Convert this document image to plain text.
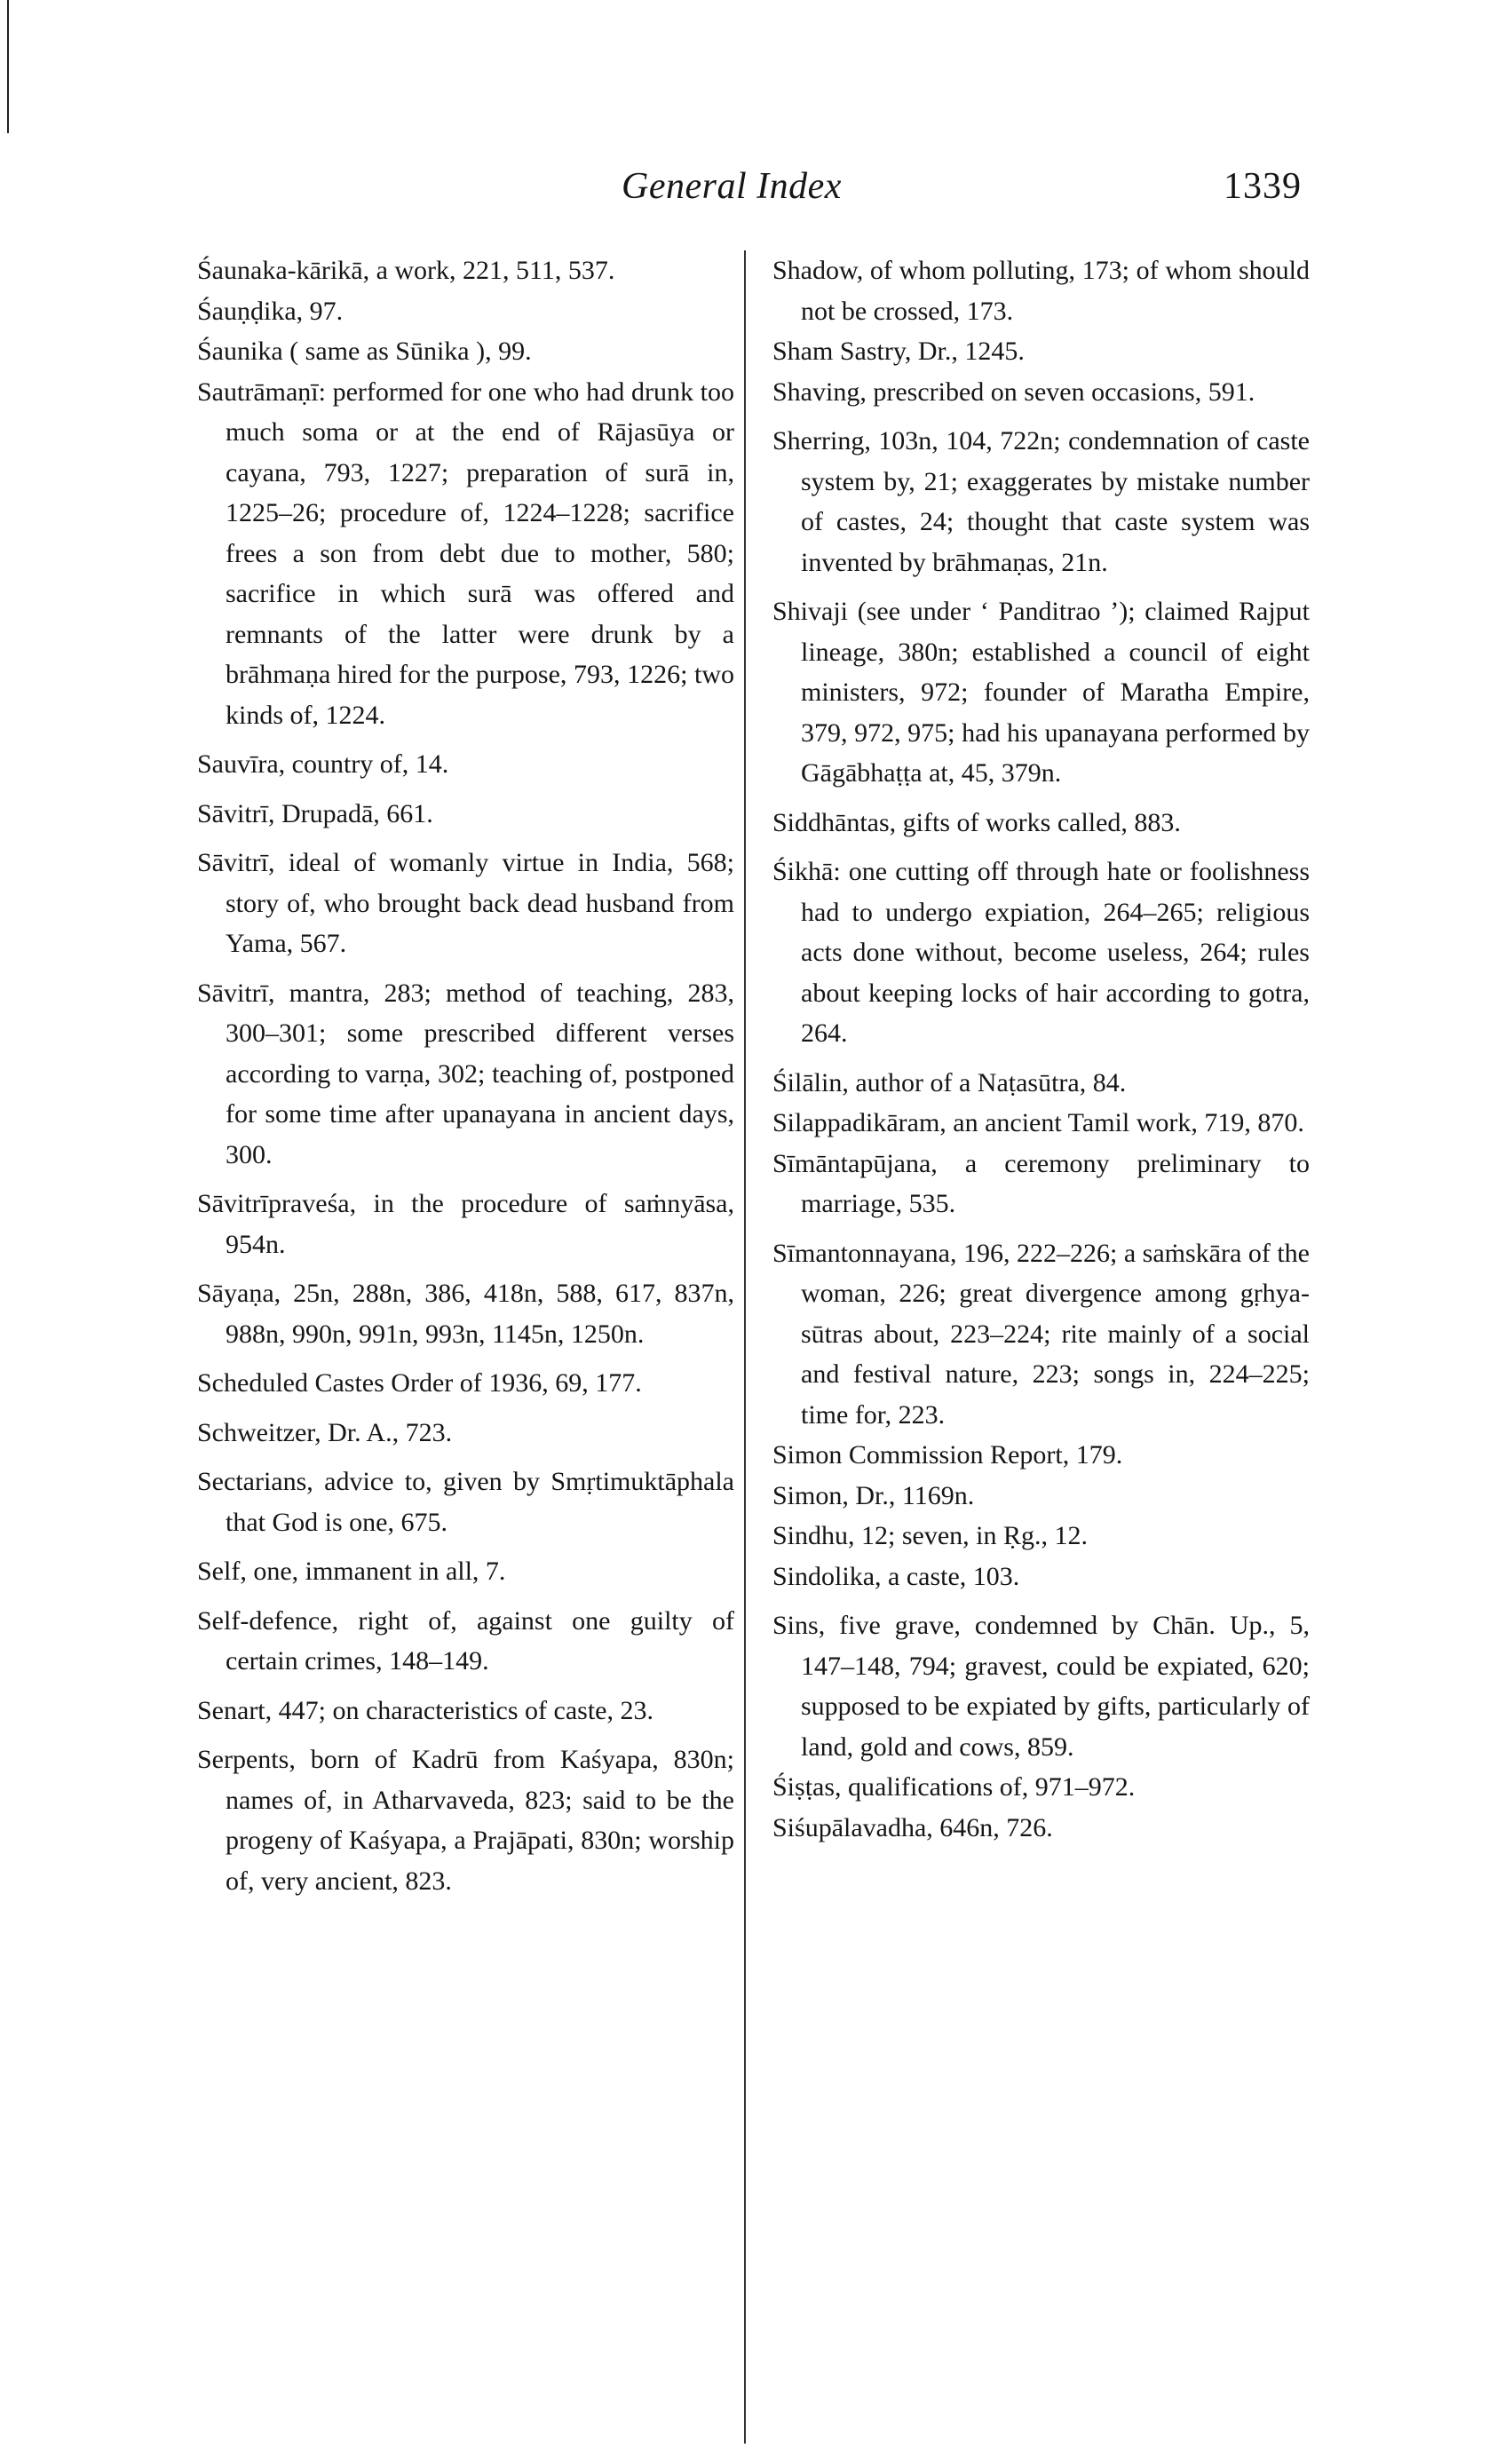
General Index	1339

Śaunaka-kārikā, a work, 221, 511, 537.

Śauṇḍika, 97.

Śaunika ( same as Sūnika ), 99.

Sautrāmaṇī: performed for one who had drunk too much soma or at the end of Rājasūya or cayana, 793, 1227; preparation of surā in, 1225–26; procedure of, 1224–1228; sacrifice frees a son from debt due to mother, 580; sacrifice in which surā was offered and remnants of the latter were drunk by a brāhmaṇa hired for the purpose, 793, 1226; two kinds of, 1224.

Sauvīra, country of, 14.

Sāvitrī, Drupadā, 661.

Sāvitrī, ideal of womanly virtue in India, 568; story of, who brought back dead husband from Yama, 567.

Sāvitrī, mantra, 283; method of teaching, 283, 300–301; some prescribed different verses according to varṇa, 302; teaching of, postponed for some time after upanayana in ancient days, 300.

Sāvitrīpraveśa, in the procedure of saṁnyāsa, 954n.

Sāyaṇa, 25n, 288n, 386, 418n, 588, 617, 837n, 988n, 990n, 991n, 993n, 1145n, 1250n.

Scheduled Castes Order of 1936, 69, 177.

Schweitzer, Dr. A., 723.

Sectarians, advice to, given by Smṛtimuktāphala that God is one, 675.

Self, one, immanent in all, 7.

Self-defence, right of, against one guilty of certain crimes, 148–149.

Senart, 447; on characteristics of caste, 23.

Serpents, born of Kadrū from Kaśyapa, 830n; names of, in Atharvaveda, 823; said to be the progeny of Kaśyapa, a Prajāpati, 830n; worship of, very ancient, 823.

Shadow, of whom polluting, 173; of whom should not be crossed, 173.

Sham Sastry, Dr., 1245.

Shaving, prescribed on seven occasions, 591.

Sherring, 103n, 104, 722n; condemnation of caste system by, 21; exaggerates by mistake number of castes, 24; thought that caste system was invented by brāhmaṇas, 21n.

Shivaji (see under ‘ Panditrao ’); claimed Rajput lineage, 380n; established a council of eight ministers, 972; founder of Maratha Empire, 379, 972, 975; had his upanayana performed by Gāgābhaṭṭa at, 45, 379n.

Siddhāntas, gifts of works called, 883.

Śikhā: one cutting off through hate or foolishness had to undergo expiation, 264–265; religious acts done without, become useless, 264; rules about keeping locks of hair according to gotra, 264.

Śilālin, author of a Naṭasūtra, 84.

Silappadikāram, an ancient Tamil work, 719, 870.

Sīmāntapūjana, a ceremony preliminary to marriage, 535.

Sīmantonnayana, 196, 222–226; a saṁskāra of the woman, 226; great divergence among gṛhya-sūtras about, 223–224; rite mainly of a social and festival nature, 223; songs in, 224–225; time for, 223.

Simon Commission Report, 179.

Simon, Dr., 1169n.

Sindhu, 12; seven, in Ṛg., 12.

Sindolika, a caste, 103.

Sins, five grave, condemned by Chān. Up., 5, 147–148, 794; gravest, could be expiated, 620; supposed to be expiated by gifts, particularly of land, gold and cows, 859.

Śiṣṭas, qualifications of, 971–972.

Siśupālavadha, 646n, 726.
